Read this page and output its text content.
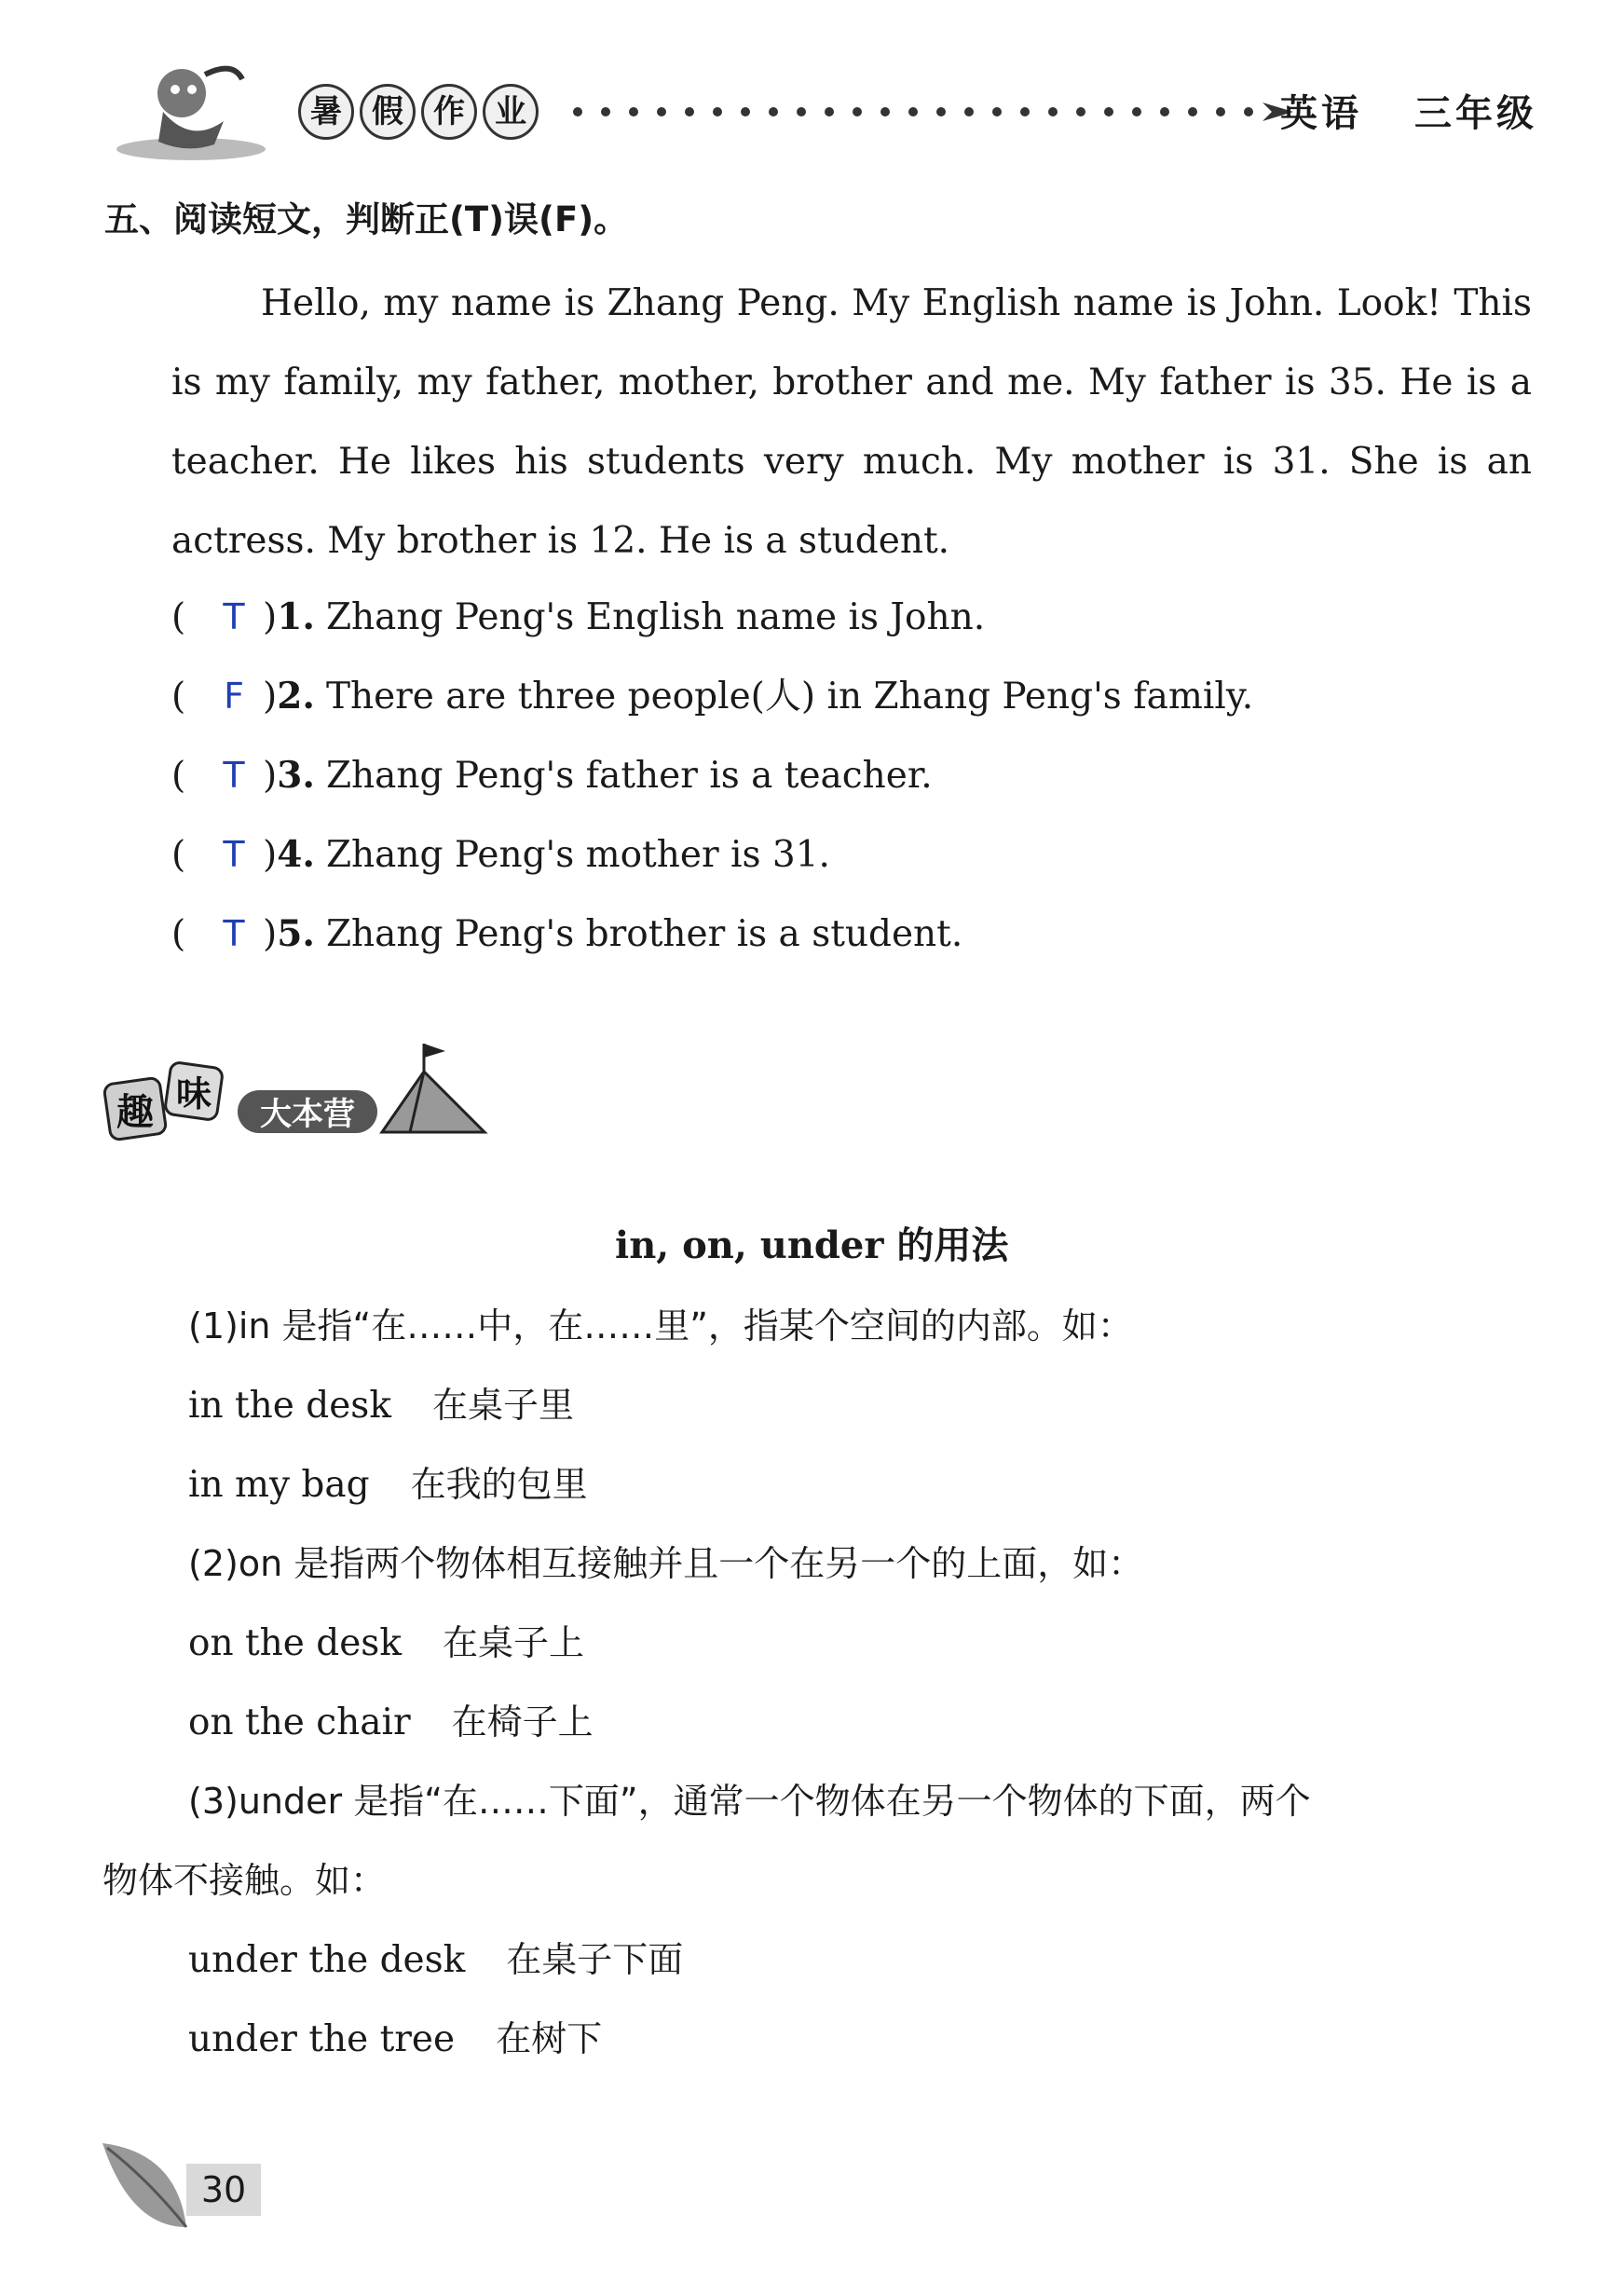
暑 假 作 业	英语 三年级
五、阅读短文，判断正(T)误(F)。

Hello, my name is Zhang Peng. My English name is John. Look! This is my family, my father, mother, brother and me. My father is 35. He is a teacher. He likes his students very much. My mother is 31. She is an actress. My brother is 12. He is a student.

(	T ) 1. Zhang Peng's English name is John.
(	F ) 2. There are three people(人) in Zhang Peng's family.
(	T ) 3. Zhang Peng's father is a teacher.
(	T ) 4. Zhang Peng's mother is 31.
(	T ) 5. Zhang Peng's brother is a student.
趣 味 大本营
in, on, under 的用法
(1)in 是指“在……中，在……里”，指某个空间的内部。如：
in the desk 在桌子里
in my bag 在我的包里
(2)on 是指两个物体相互接触并且一个在另一个的上面，如：
on the desk 在桌子上
on the chair 在椅子上
(3)under 是指“在……下面”，通常一个物体在另一个物体的下面，两个
物体不接触。如：
under the desk 在桌子下面
under the tree 在树下
30
